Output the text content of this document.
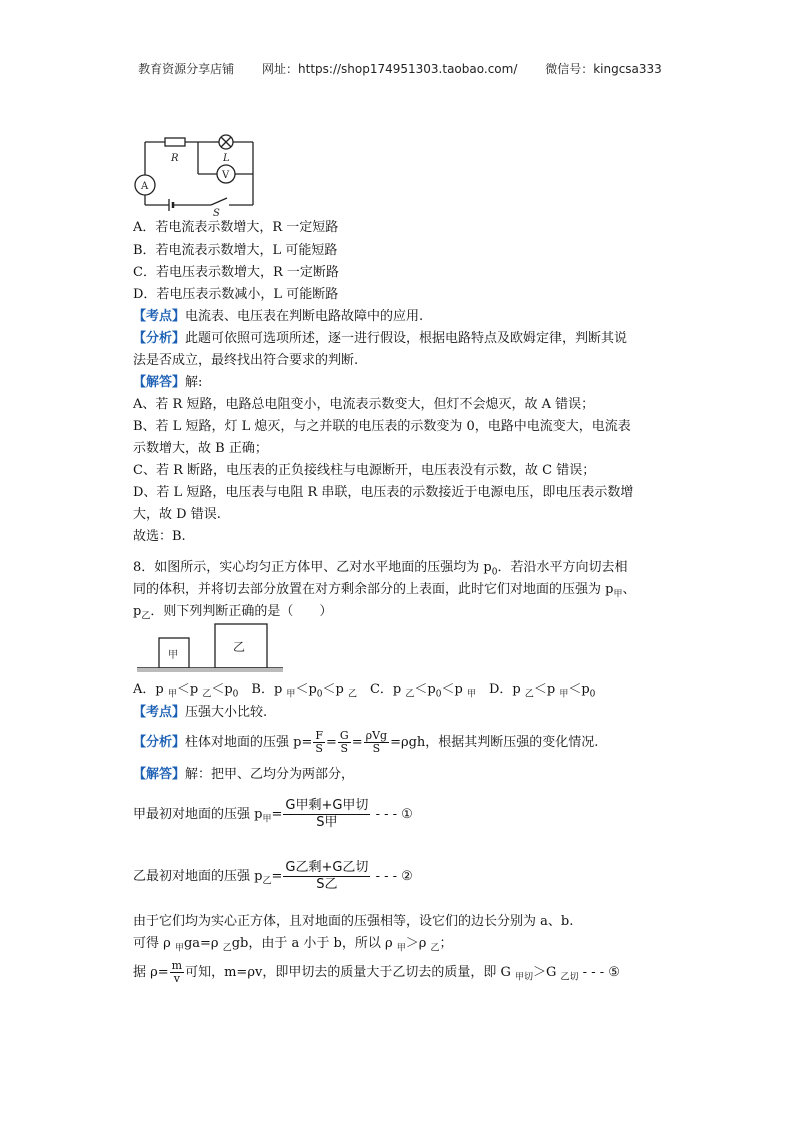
教育资源分享店铺 网址：https://shop174951303.taobao.com/ 微信号：kingcsa333
R	L
A
V
S
A．若电流表示数增大，R 一定短路
B．若电流表示数增大，L 可能短路
C．若电压表示数增大，R 一定断路
D．若电压表示数减小，L 可能断路
【考点】电流表、电压表在判断电路故障中的应用.
【分析】此题可依照可选项所述，逐一进行假设，根据电路特点及欧姆定律，判断其说
法是否成立，最终找出符合要求的判断.
【解答】解:
A、若 R 短路，电路总电阻变小，电流表示数变大，但灯不会熄灭，故 A 错误；
B、若 L 短路，灯 L 熄灭，与之并联的电压表的示数变为 0，电路中电流变大，电流表
示数增大，故 B 正确；
C、若 R 断路，电压表的正负接线柱与电源断开，电压表没有示数，故 C 错误；
D、若 L 短路，电压表与电阻 R 串联，电压表的示数接近于电源电压，即电压表示数增
大，故 D 错误.
故选：B.
8．如图所示，实心均匀正方体甲、乙对水平地面的压强均为 $p_0$．若沿水平方向切去相
同的体积，并将切去部分放置在对方剩余部分的上表面，此时它们对地面的压强为 $p_甲$、
$p_乙$．则下列判断正确的是（　　）
甲
乙
A．p $_甲$＜p $_乙<p_0$　B．p $_甲<p_0<p$ $_乙$　C．p $_乙<p_0<p$ $_甲$　D．p $_乙$＜p $_甲<p_0$
【考点】压强大小比较.
【分析】柱体对地面的压强 $p= \frac{F}{S} = \frac{G}{S} = \frac{\text{ρVg}}{S} =\rho gh$，根据其判断压强的变化情况.
【解答】解：把甲、乙均分为两部分，
甲最初对地面的压强 $p_甲= \frac{\text{G甲剩+G甲切}}{\text{S甲}}$ - - - ①
乙最初对地面的压强 $p_乙= \frac{\text{G乙剩+G乙切}}{\text{S乙}}$ - - - ②
由于它们均为实心正方体，且对地面的压强相等，设它们的边长分别为 a、b.
可得 ρ $_甲$ga=ρ $_乙$gb，由于 a 小于 b，所以 ρ $_甲$＞ρ $_乙$；
据 $\rho= \frac{m}{v}$ 可知，m=ρv，即甲切去的质量大于乙切去的质量，即 G $_{甲切}$＞G $_{乙切}$ - - - ⑤
